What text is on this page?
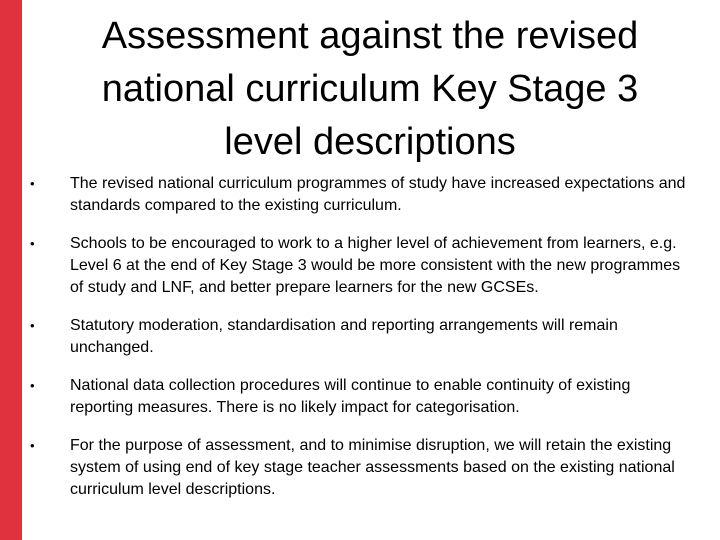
Assessment against the revised
national curriculum Key Stage 3
level descriptions
•	The revised national curriculum programmes of study have increased expectations and standards compared to the existing curriculum.
•	Schools to be encouraged to work to a higher level of achievement from learners, e.g. Level 6 at the end of Key Stage 3 would be more consistent with the new programmes of study and LNF, and better prepare learners for the new GCSEs.
•	Statutory moderation, standardisation and reporting arrangements will remain unchanged.
•	National data collection procedures will continue to enable continuity of existing reporting measures. There is no likely impact for categorisation.
•	For the purpose of assessment, and to minimise disruption, we will retain the existing system of using end of key stage teacher assessments based on the existing national curriculum level descriptions.
